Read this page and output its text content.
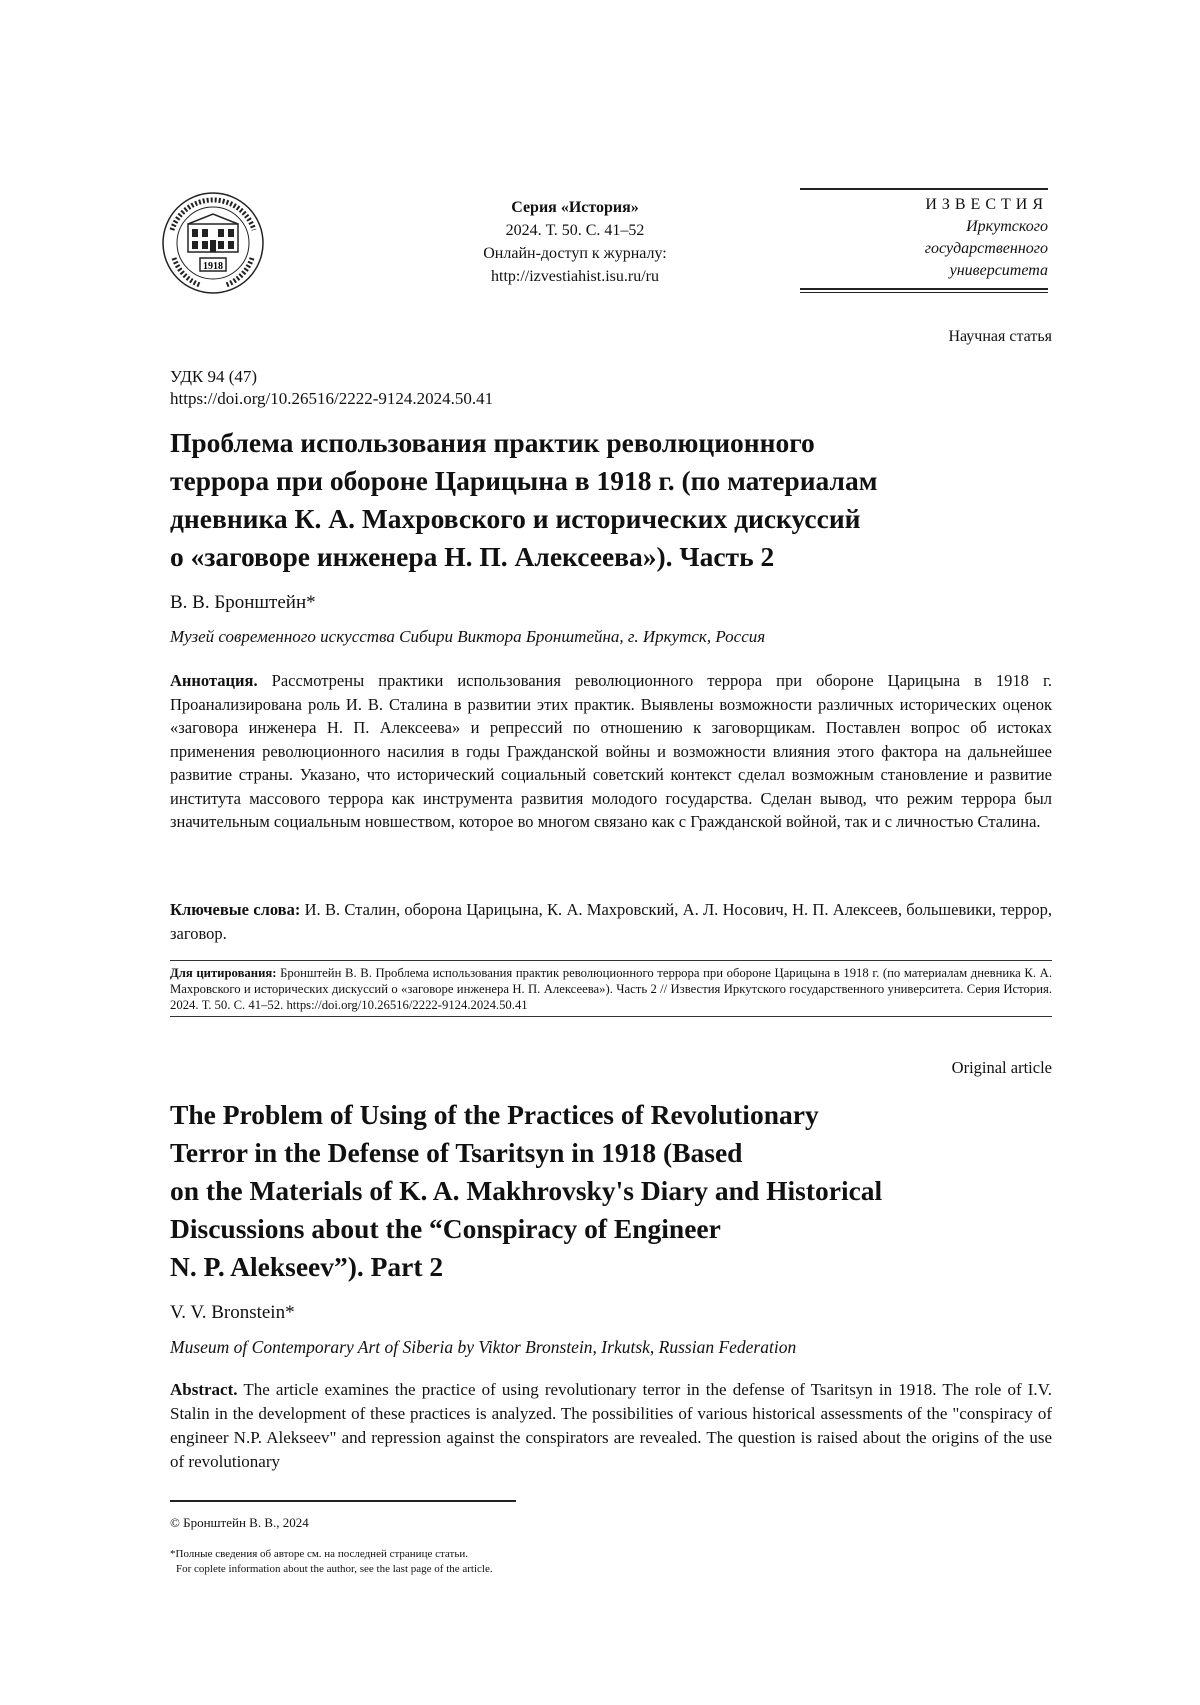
1918
Серия «История»
2024. Т. 50. С. 41–52
Онлайн-доступ к журналу:
http://izvestiahist.isu.ru/ru
ИЗВЕСТИЯ
Иркутского
государственного
университета
Научная статья
УДК 94 (47)
https://doi.org/10.26516/2222-9124.2024.50.41
Проблема использования практик революционного
террора при обороне Царицына в 1918 г. (по материалам
дневника К. А. Махровского и исторических дискуссий
о «заговоре инженера Н. П. Алексеева»). Часть 2
В. В. Бронштейн*
Музей современного искусства Сибири Виктора Бронштейна, г. Иркутск, Россия
Аннотация. Рассмотрены практики использования революционного террора при обороне Царицына в 1918 г. Проанализирована роль И. В. Сталина в развитии этих практик. Выявлены возможности различных исторических оценок «заговора инженера Н. П. Алексеева» и репрессий по отношению к заговорщикам. Поставлен вопрос об истоках применения революционного насилия в годы Гражданской войны и возможности влияния этого фактора на дальнейшее развитие страны. Указано, что исторический социальный советский контекст сделал возможным становление и развитие института массового террора как инструмента развития молодого государства. Сделан вывод, что режим террора был значительным социальным новшеством, которое во многом связано как с Гражданской войной, так и с личностью Сталина.
Ключевые слова: И. В. Сталин, оборона Царицына, К. А. Махровский, А. Л. Носович, Н. П. Алексеев, большевики, террор, заговор.
Для цитирования: Бронштейн В. В. Проблема использования практик революционного террора при обороне Царицына в 1918 г. (по материалам дневника К. А. Махровского и исторических дискуссий о «заговоре инженера Н. П. Алексеева»). Часть 2 // Известия Иркутского государственного университета. Серия История. 2024. Т. 50. С. 41–52. https://doi.org/10.26516/2222-9124.2024.50.41
Original article
The Problem of Using of the Practices of Revolutionary
Terror in the Defense of Tsaritsyn in 1918 (Based
on the Materials of K. A. Makhrovsky's Diary and Historical
Discussions about the “Conspiracy of Engineer
N. P. Alekseev”). Part 2
V. V. Bronstein*
Museum of Contemporary Art of Siberia by Viktor Bronstein, Irkutsk, Russian Federation
Abstract. The article examines the practice of using revolutionary terror in the defense of Tsaritsyn in 1918. The role of I.V. Stalin in the development of these practices is analyzed. The possibilities of various historical assessments of the "conspiracy of engineer N.P. Alekseev" and repression against the conspirators are revealed. The question is raised about the origins of the use of revolutionary
© Бронштейн В. В., 2024
*Полные сведения об авторе см. на последней странице статьи.
For coplete information about the author, see the last page of the article.
